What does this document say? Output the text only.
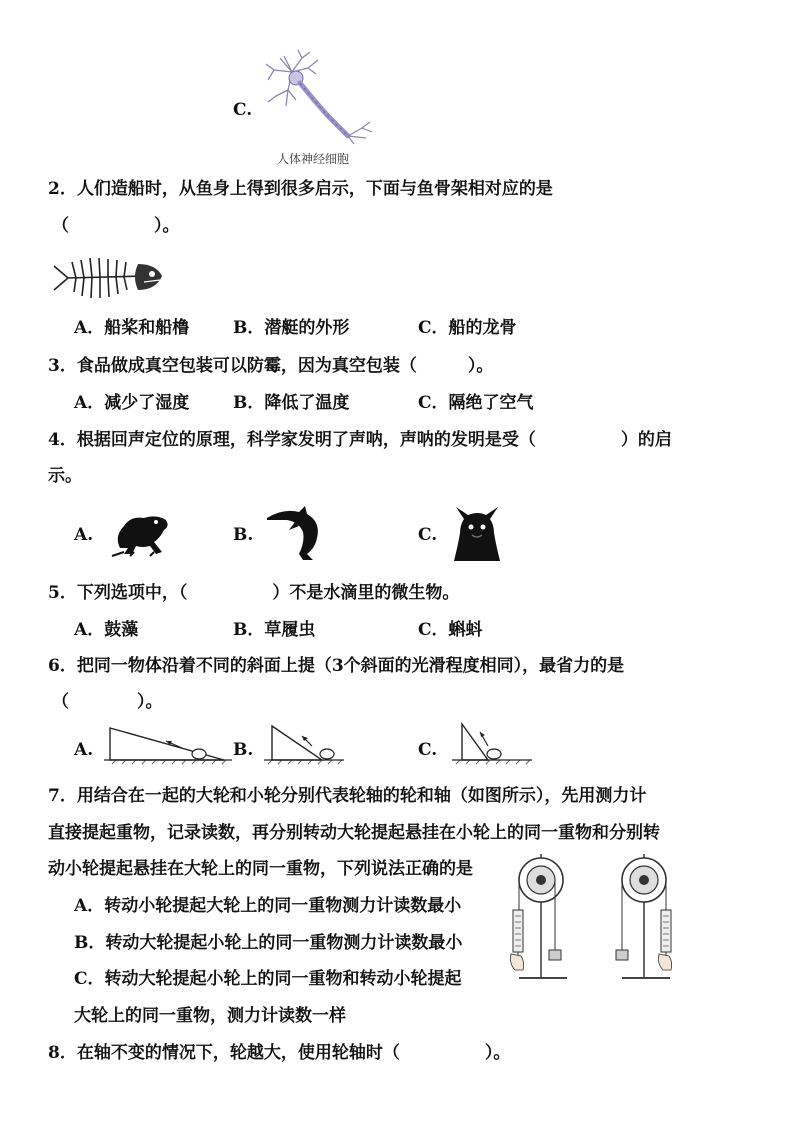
C.
人体神经细胞
2．人们造船时，从鱼身上得到很多启示，下面与鱼骨架相对应的是
（　　　　　）。
A．船桨和船橹	B．潜艇的外形	C．船的龙骨
3．食品做成真空包装可以防霉，因为真空包装（　　　）。
A．减少了湿度	B．降低了温度	C．隔绝了空气
4．根据回声定位的原理，科学家发明了声呐，声呐的发明是受（　　　　　）的启
示。
A.	B.	C.
5．下列选项中，（　　　　　）不是水滴里的微生物。
A．鼓藻	B．草履虫	C．蝌蚪
6．把同一物体沿着不同的斜面上提（3个斜面的光滑程度相同），最省力的是
（　　　　）。
A.	B.	C.
7．用结合在一起的大轮和小轮分别代表轮轴的轮和轴（如图所示），先用测力计
直接提起重物，记录读数，再分别转动大轮提起悬挂在小轮上的同一重物和分别转
动小轮提起悬挂在大轮上的同一重物，下列说法正确的是
A．转动小轮提起大轮上的同一重物测力计读数最小
B．转动大轮提起小轮上的同一重物测力计读数最小
C．转动大轮提起小轮上的同一重物和转动小轮提起
大轮上的同一重物，测力计读数一样
8．在轴不变的情况下，轮越大，使用轮轴时（　　　　　）。
